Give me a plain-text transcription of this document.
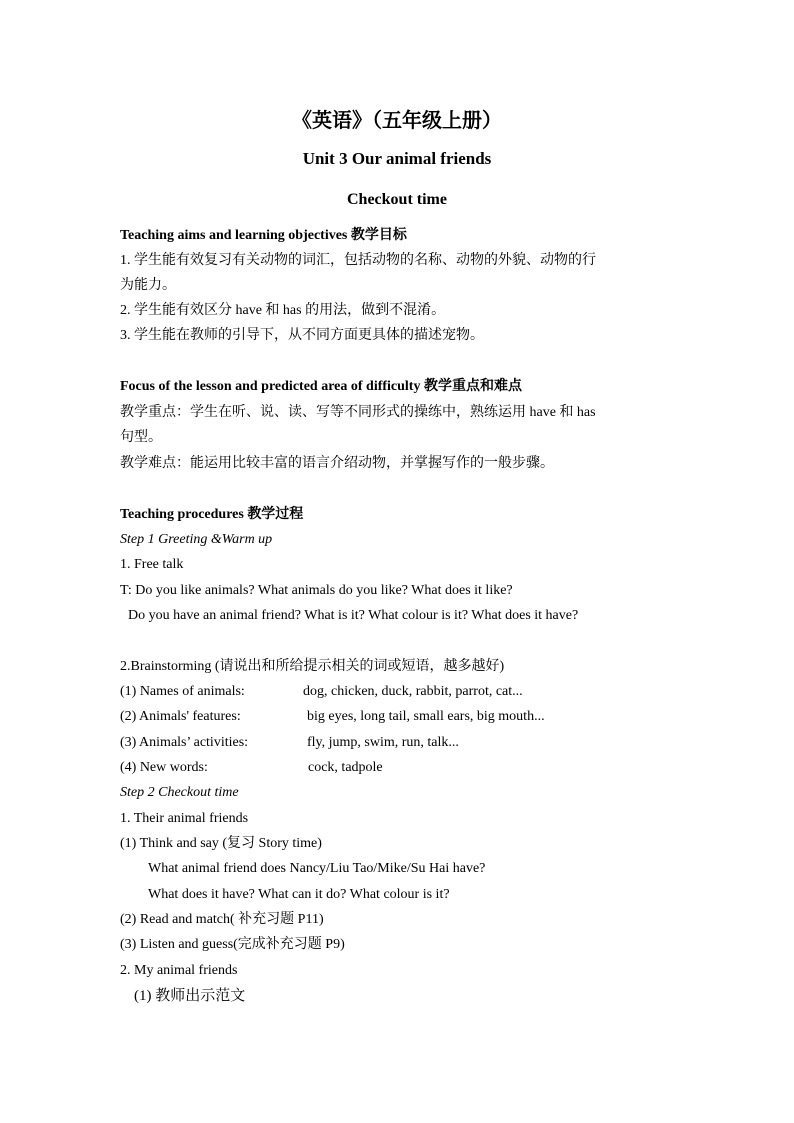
《英语》（五年级上册）
Unit 3 Our animal friends
Checkout time
Teaching aims and learning objectives 教学目标
1. 学生能有效复习有关动物的词汇，包括动物的名称、动物的外貌、动物的行
为能力。
2. 学生能有效区分 have 和 has 的用法，做到不混淆。
3. 学生能在教师的引导下，从不同方面更具体的描述宠物。
Focus of the lesson and predicted area of difficulty 教学重点和难点
教学重点：学生在听、说、读、写等不同形式的操练中，熟练运用 have 和 has
句型。
教学难点：能运用比较丰富的语言介绍动物，并掌握写作的一般步骤。
Teaching procedures 教学过程
Step 1 Greeting &Warm up
1. Free talk
T: Do you like animals? What animals do you like? What does it like?
Do you have an animal friend? What is it? What colour is it? What does it have?
2.Brainstorming (请说出和所给提示相关的词或短语，越多越好)
(1) Names of animals:	dog, chicken, duck, rabbit, parrot, cat...
(2) Animals' features:	big eyes, long tail, small ears, big mouth...
(3) Animals’ activities:	fly, jump, swim, run, talk...
(4) New words:	cock, tadpole
Step 2 Checkout time
1. Their animal friends
(1) Think and say (复习 Story time)
What animal friend does Nancy/Liu Tao/Mike/Su Hai have?
What does it have? What can it do? What colour is it?
(2) Read and match( 补充习题 P11)
(3) Listen and guess(完成补充习题 P9)
2. My animal friends
(1) 教师出示范文
